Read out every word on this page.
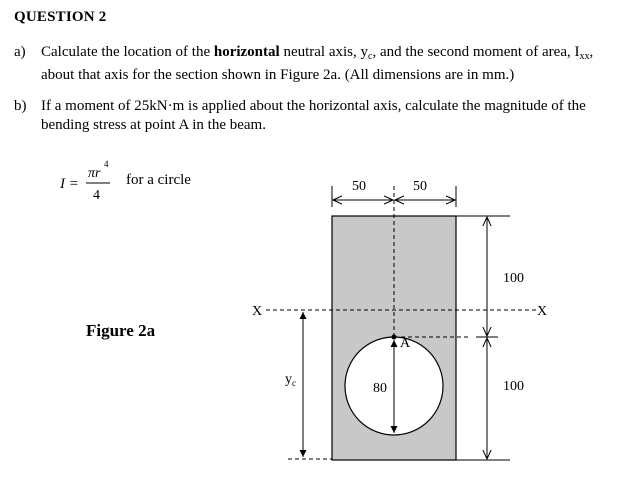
QUESTION 2
a) Calculate the location of the horizontal neutral axis, $y_c$, and the second moment of area, $I_{xx}$,
about that axis for the section shown in Figure 2a. (All dimensions are in mm.)
b) If a moment of 25kN·m is applied about the horizontal axis, calculate the magnitude of the
bending stress at point A in the beam.
I =
πr
4
4
for a circle
Figure 2a
50	50
X	X
$y_c$
A
80
100
100
